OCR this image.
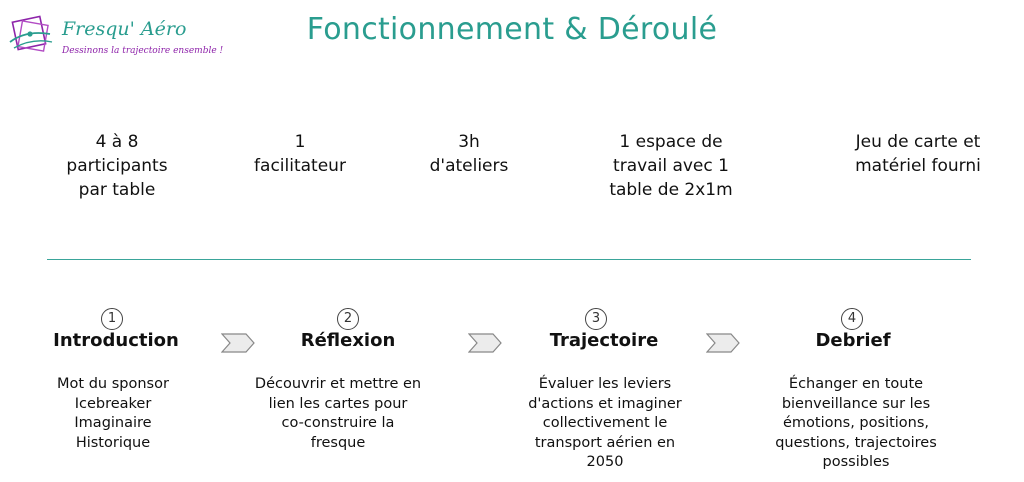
Fresqu' Aéro
Dessinons la trajectoire ensemble !
Fonctionnement & Déroulé
4 à 8
participants
par table
1
facilitateur
3h
d'ateliers
1 espace de
travail avec 1
table de 2x1m
Jeu de carte et
matériel fourni
1
Introduction
Mot du sponsor
Icebreaker
Imaginaire
Historique
2
Réflexion
Découvrir et mettre en
lien les cartes pour
co-construire la
fresque
3
Trajectoire
Évaluer les leviers
d'actions et imaginer
collectivement le
transport aérien en
2050
4
Debrief
Échanger en toute
bienveillance sur les
émotions, positions,
questions, trajectoires
possibles
